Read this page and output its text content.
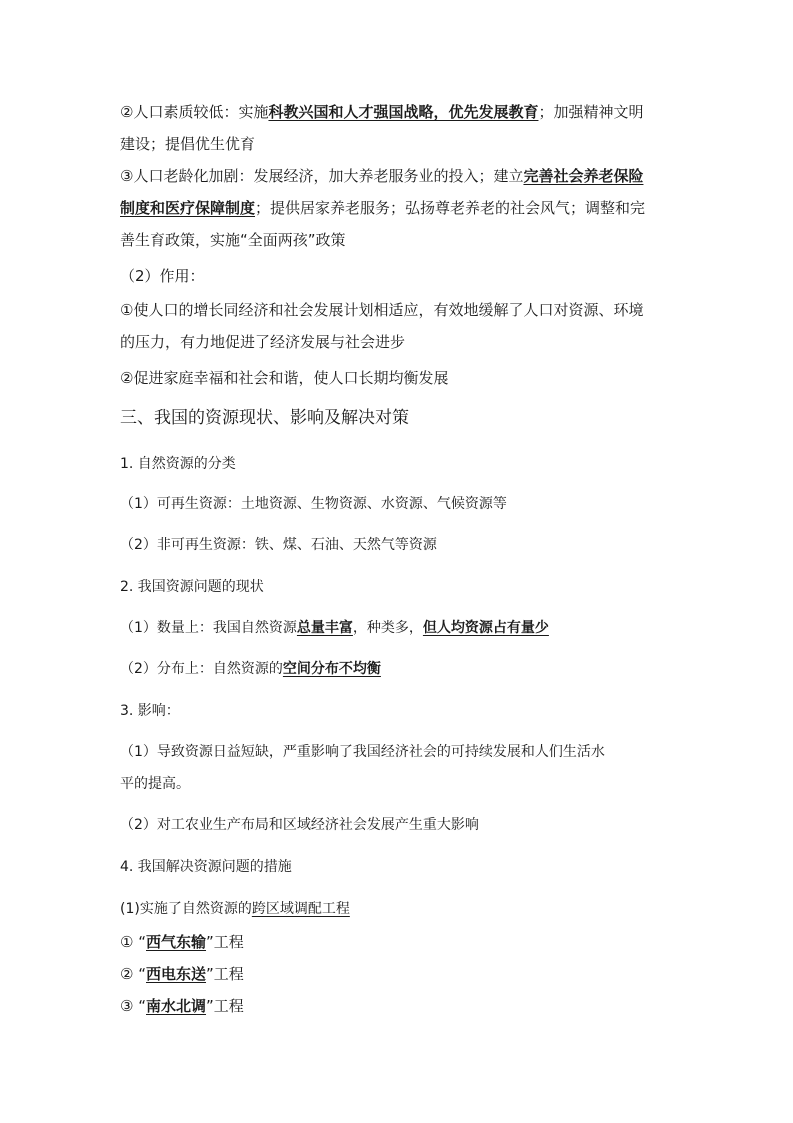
②人口素质较低：实施科教兴国和人才强国战略，优先发展教育；加强精神文明
建设；提倡优生优育
③人口老龄化加剧：发展经济，加大养老服务业的投入；建立完善社会养老保险
制度和医疗保障制度；提供居家养老服务；弘扬尊老养老的社会风气；调整和完
善生育政策，实施“全面两孩”政策
（2）作用：
①使人口的增长同经济和社会发展计划相适应，有效地缓解了人口对资源、环境
的压力，有力地促进了经济发展与社会进步
②促进家庭幸福和社会和谐，使人口长期均衡发展
三、我国的资源现状、影响及解决对策
1. 自然资源的分类
（1）可再生资源：土地资源、生物资源、水资源、气候资源等
（2）非可再生资源：铁、煤、石油、天然气等资源
2. 我国资源问题的现状
（1）数量上：我国自然资源总量丰富，种类多，但人均资源占有量少
（2）分布上：自然资源的空间分布不均衡
3. 影响：
（1）导致资源日益短缺，严重影响了我国经济社会的可持续发展和人们生活水
平的提高。
（2）对工农业生产布局和区域经济社会发展产生重大影响
4. 我国解决资源问题的措施
(1)实施了自然资源的跨区域调配工程
① “西气东输”工程
② “西电东送”工程
③ “南水北调”工程
